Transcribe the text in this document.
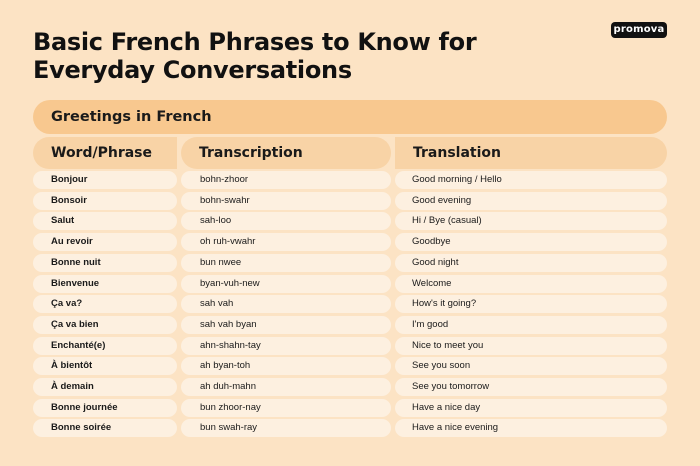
Basic French Phrases to Know for
Everyday Conversations
promova
Greetings in French
Word/Phrase	Transcription	Translation
Bonjour	bohn-zhoor	Good morning / Hello
Bonsoir	bohn-swahr	Good evening
Salut	sah-loo	Hi / Bye (casual)
Au revoir	oh ruh-vwahr	Goodbye
Bonne nuit	bun nwee	Good night
Bienvenue	byan-vuh-new	Welcome
Ça va?	sah vah	How's it going?
Ça va bien	sah vah byan	I'm good
Enchanté(e)	ahn-shahn-tay	Nice to meet you
À bientôt	ah byan-toh	See you soon
À demain	ah duh-mahn	See you tomorrow
Bonne journée	bun zhoor-nay	Have a nice day
Bonne soirée	bun swah-ray	Have a nice evening
